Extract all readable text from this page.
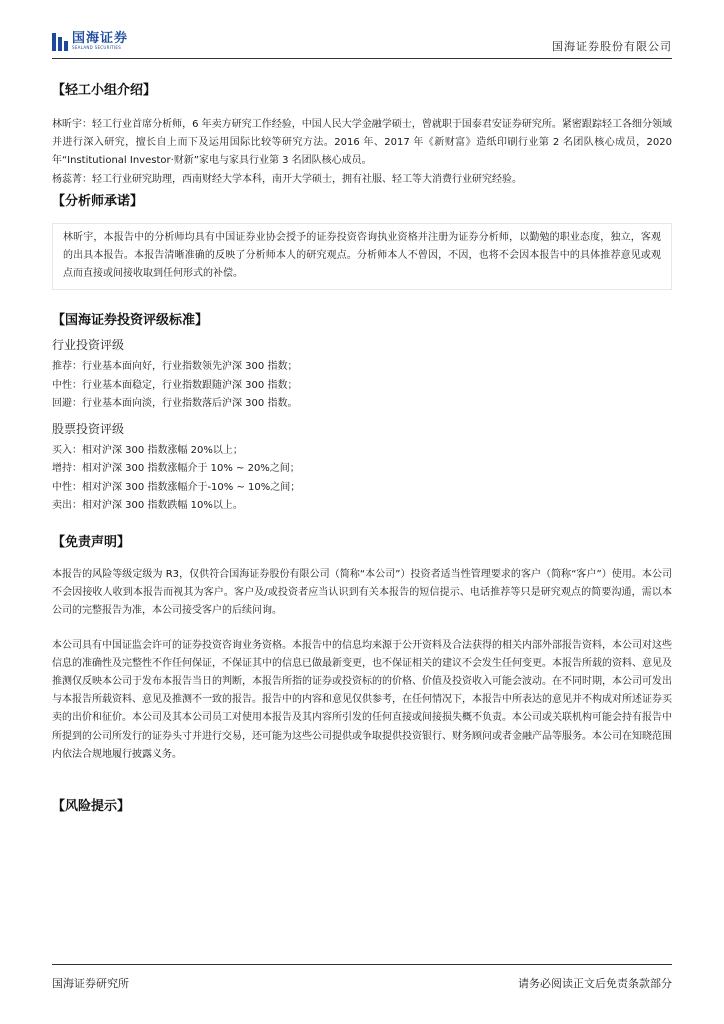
国海证券
SEALAND SECURITIES	国海证券股份有限公司
【轻工小组介绍】

林昕宇：轻工行业首席分析师，6 年卖方研究工作经验，中国人民大学金融学硕士，曾就职于国泰君安证券研究所。紧密跟踪轻工各细分领域并进行深入研究，擅长自上而下及运用国际比较等研究方法。2016 年、2017 年《新财富》造纸印刷行业第 2 名团队核心成员，2020 年“Institutional Investor·财新”家电与家具行业第 3 名团队核心成员。

杨蕊菁：轻工行业研究助理，西南财经大学本科，南开大学硕士，拥有社服、轻工等大消费行业研究经验。

【分析师承诺】

林昕宇，本报告中的分析师均具有中国证券业协会授予的证券投资咨询执业资格并注册为证券分析师，以勤勉的职业态度，独立，客观的出具本报告。本报告清晰准确的反映了分析师本人的研究观点。分析师本人不曾因，不因，也将不会因本报告中的具体推荐意见或观点而直接或间接收取到任何形式的补偿。

【国海证券投资评级标准】
行业投资评级
推荐：行业基本面向好，行业指数领先沪深 300 指数；
中性：行业基本面稳定，行业指数跟随沪深 300 指数；
回避：行业基本面向淡，行业指数落后沪深 300 指数。
股票投资评级
买入：相对沪深 300 指数涨幅 20%以上；
增持：相对沪深 300 指数涨幅介于 10% ~ 20%之间；
中性：相对沪深 300 指数涨幅介于-10% ~ 10%之间；
卖出：相对沪深 300 指数跌幅 10%以上。
【免责声明】

本报告的风险等级定级为 R3，仅供符合国海证券股份有限公司（简称“本公司”）投资者适当性管理要求的客户（简称“客户”）使用。本公司不会因接收人收到本报告而视其为客户。客户及/或投资者应当认识到有关本报告的短信提示、电话推荐等只是研究观点的简要沟通，需以本公司的完整报告为准，本公司接受客户的后续问询。

本公司具有中国证监会许可的证券投资咨询业务资格。本报告中的信息均来源于公开资料及合法获得的相关内部外部报告资料，本公司对这些信息的准确性及完整性不作任何保证，不保证其中的信息已做最新变更，也不保证相关的建议不会发生任何变更。本报告所载的资料、意见及推测仅反映本公司于发布本报告当日的判断，本报告所指的证券或投资标的的价格、价值及投资收入可能会波动。在不同时期，本公司可发出与本报告所载资料、意见及推测不一致的报告。报告中的内容和意见仅供参考，在任何情况下，本报告中所表达的意见并不构成对所述证券买卖的出价和征价。本公司及其本公司员工对使用本报告及其内容所引发的任何直接或间接损失概不负责。本公司或关联机构可能会持有报告中所提到的公司所发行的证券头寸并进行交易，还可能为这些公司提供或争取提供投资银行、财务顾问或者金融产品等服务。本公司在知晓范围内依法合规地履行披露义务。

【风险提示】
国海证券研究所	请务必阅读正文后免责条款部分
